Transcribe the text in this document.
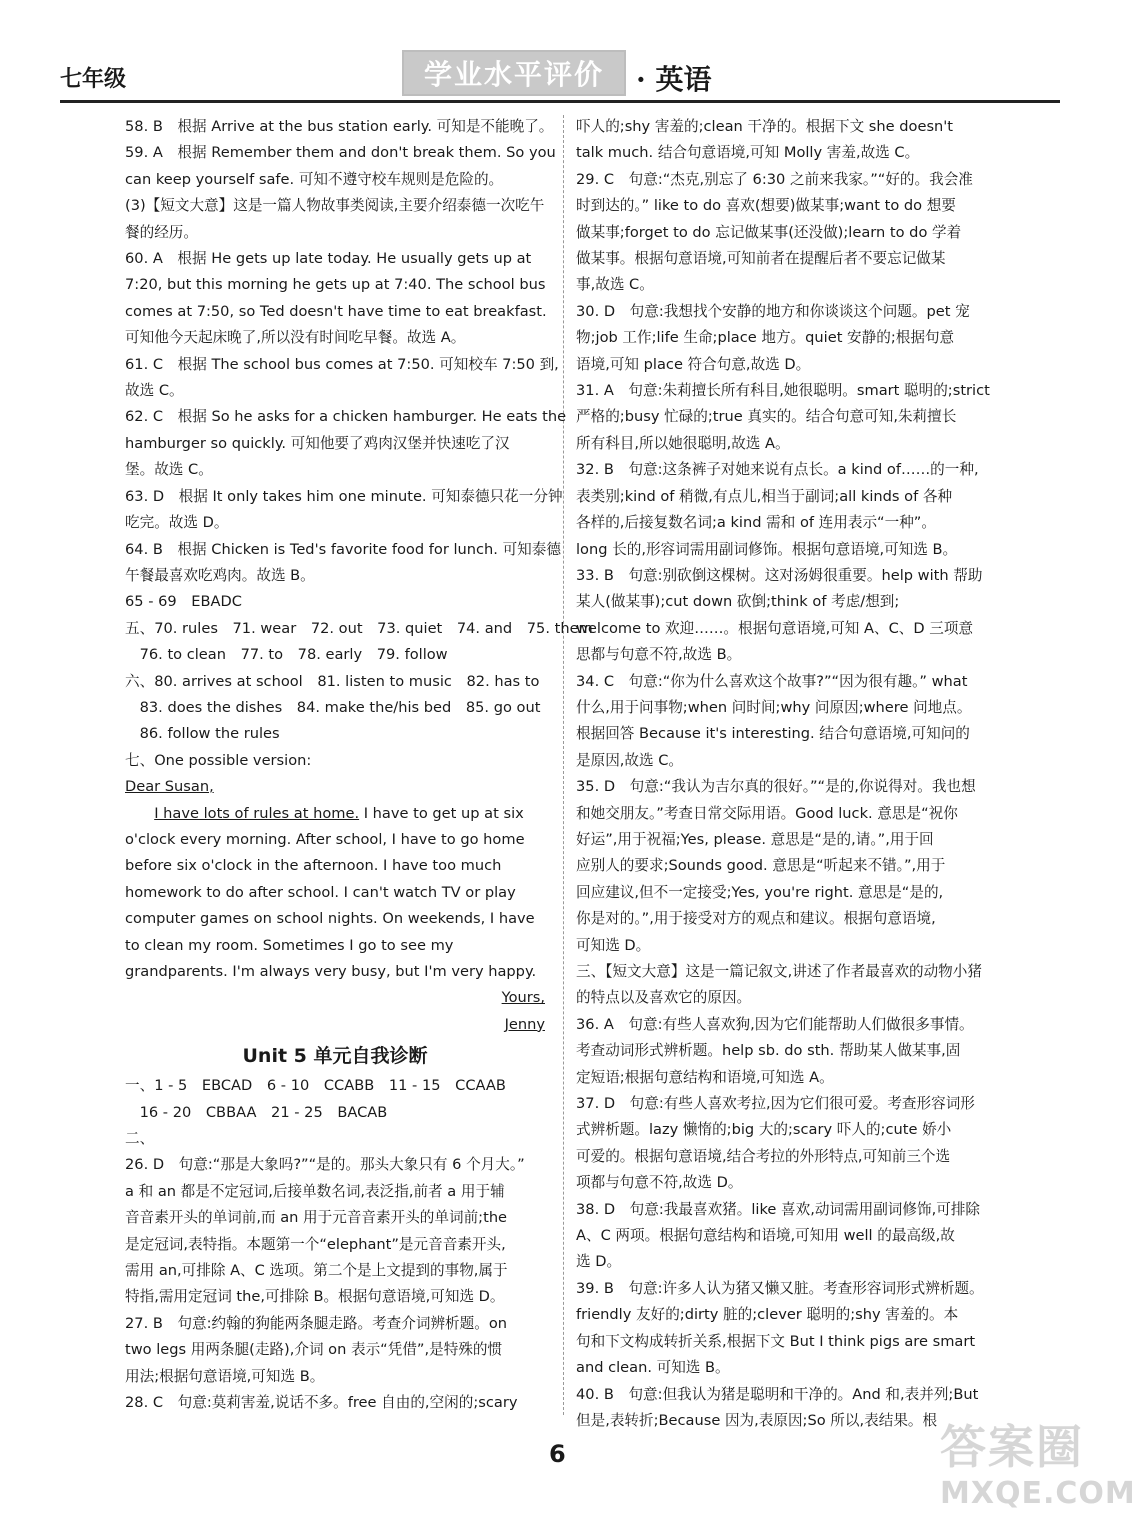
七年级	学业水平评价	· 英语
58. B　根据 Arrive at the bus station early. 可知是不能晚了。
59. A　根据 Remember them and don't break them. So you
can keep yourself safe. 可知不遵守校车规则是危险的。
(3)【短文大意】这是一篇人物故事类阅读,主要介绍泰德一次吃午
餐的经历。
60. A　根据 He gets up late today. He usually gets up at
7:20, but this morning he gets up at 7:40. The school bus
comes at 7:50, so Ted doesn't have time to eat breakfast.
可知他今天起床晚了,所以没有时间吃早餐。故选 A。
61. C　根据 The school bus comes at 7:50. 可知校车 7:50 到,
故选 C。
62. C　根据 So he asks for a chicken hamburger. He eats the
hamburger so quickly. 可知他要了鸡肉汉堡并快速吃了汉
堡。故选 C。
63. D　根据 It only takes him one minute. 可知泰德只花一分钟
吃完。故选 D。
64. B　根据 Chicken is Ted's favorite food for lunch. 可知泰德
午餐最喜欢吃鸡肉。故选 B。
65 - 69　EBADC
五、70. rules　71. wear　72. out　73. quiet　74. and　75. them
　76. to clean　77. to　78. early　79. follow
六、80. arrives at school　81. listen to music　82. has to
　83. does the dishes　84. make the/his bed　85. go out
　86. follow the rules
七、One possible version:
Dear Susan,
　　I have lots of rules at home. I have to get up at six
o'clock every morning. After school, I have to go home
before six o'clock in the afternoon. I have too much
homework to do after school. I can't watch TV or play
computer games on school nights. On weekends, I have
to clean my room. Sometimes I go to see my
grandparents. I'm always very busy, but I'm very happy.
Yours,
Jenny
Unit 5 单元自我诊断
一、1 - 5　EBCAD　6 - 10　CCABB　11 - 15　CCAAB
　16 - 20　CBBAA　21 - 25　BACAB
二、
26. D　句意:“那是大象吗?”“是的。那头大象只有 6 个月大。”
a 和 an 都是不定冠词,后接单数名词,表泛指,前者 a 用于辅
音音素开头的单词前,而 an 用于元音音素开头的单词前;the
是定冠词,表特指。本题第一个“elephant”是元音音素开头,
需用 an,可排除 A、C 选项。第二个是上文提到的事物,属于
特指,需用定冠词 the,可排除 B。根据句意语境,可知选 D。
27. B　句意:约翰的狗能两条腿走路。考查介词辨析题。on
two legs 用两条腿(走路),介词 on 表示“凭借”,是特殊的惯
用法;根据句意语境,可知选 B。
28. C　句意:莫莉害羞,说话不多。free 自由的,空闲的;scary
吓人的;shy 害羞的;clean 干净的。根据下文 she doesn't
talk much. 结合句意语境,可知 Molly 害羞,故选 C。
29. C　句意:“杰克,别忘了 6:30 之前来我家。”“好的。我会准
时到达的。” like to do 喜欢(想要)做某事;want to do 想要
做某事;forget to do 忘记做某事(还没做);learn to do 学着
做某事。根据句意语境,可知前者在提醒后者不要忘记做某
事,故选 C。
30. D　句意:我想找个安静的地方和你谈谈这个问题。pet 宠
物;job 工作;life 生命;place 地方。quiet 安静的;根据句意
语境,可知 place 符合句意,故选 D。
31. A　句意:朱莉擅长所有科目,她很聪明。smart 聪明的;strict
严格的;busy 忙碌的;true 真实的。结合句意可知,朱莉擅长
所有科目,所以她很聪明,故选 A。
32. B　句意:这条裤子对她来说有点长。a kind of……的一种,
表类别;kind of 稍微,有点儿,相当于副词;all kinds of 各种
各样的,后接复数名词;a kind 需和 of 连用表示“一种”。
long 长的,形容词需用副词修饰。根据句意语境,可知选 B。
33. B　句意:别砍倒这棵树。这对汤姆很重要。help with 帮助
某人(做某事);cut down 砍倒;think of 考虑/想到;
welcome to 欢迎……。根据句意语境,可知 A、C、D 三项意
思都与句意不符,故选 B。
34. C　句意:“你为什么喜欢这个故事?”“因为很有趣。” what
什么,用于问事物;when 问时间;why 问原因;where 问地点。
根据回答 Because it's interesting. 结合句意语境,可知问的
是原因,故选 C。
35. D　句意:“我认为吉尔真的很好。”“是的,你说得对。我也想
和她交朋友。”考查日常交际用语。Good luck. 意思是“祝你
好运”,用于祝福;Yes, please. 意思是“是的,请。”,用于回
应别人的要求;Sounds good. 意思是“听起来不错。”,用于
回应建议,但不一定接受;Yes, you're right. 意思是“是的,
你是对的。”,用于接受对方的观点和建议。根据句意语境,
可知选 D。
三、【短文大意】这是一篇记叙文,讲述了作者最喜欢的动物小猪
的特点以及喜欢它的原因。
36. A　句意:有些人喜欢狗,因为它们能帮助人们做很多事情。
考查动词形式辨析题。help sb. do sth. 帮助某人做某事,固
定短语;根据句意结构和语境,可知选 A。
37. D　句意:有些人喜欢考拉,因为它们很可爱。考查形容词形
式辨析题。lazy 懒惰的;big 大的;scary 吓人的;cute 娇小
可爱的。根据句意语境,结合考拉的外形特点,可知前三个选
项都与句意不符,故选 D。
38. D　句意:我最喜欢猪。like 喜欢,动词需用副词修饰,可排除
A、C 两项。根据句意结构和语境,可知用 well 的最高级,故
选 D。
39. B　句意:许多人认为猪又懒又脏。考查形容词形式辨析题。
friendly 友好的;dirty 脏的;clever 聪明的;shy 害羞的。本
句和下文构成转折关系,根据下文 But I think pigs are smart
and clean. 可知选 B。
40. B　句意:但我认为猪是聪明和干净的。And 和,表并列;But
但是,表转折;Because 因为,表原因;So 所以,表结果。根
6	答案圈
MXQE.COM
